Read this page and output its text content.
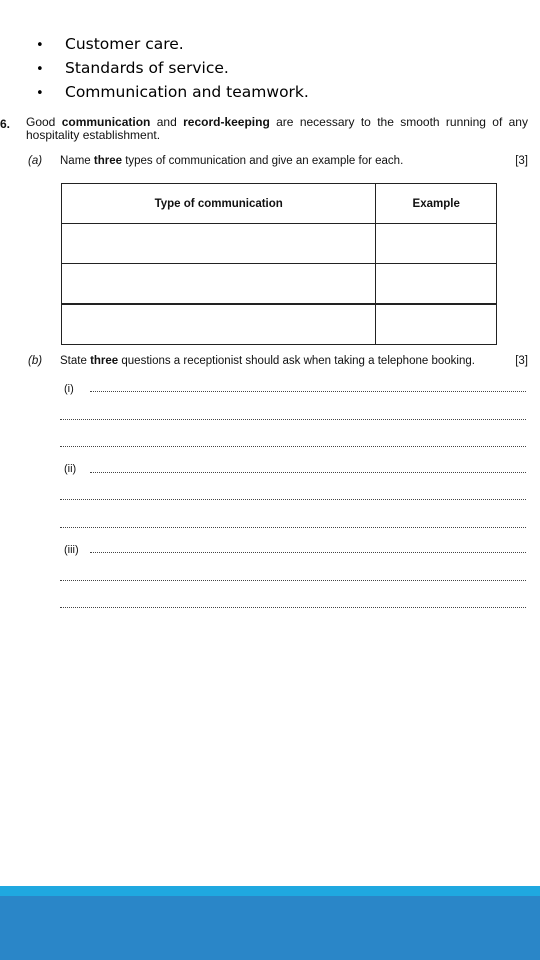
• Customer care.
• Standards of service.
• Communication and teamwork.
6. Good communication and record-keeping are necessary to the smooth running of any hospitality establishment.
(a) Name three types of communication and give an example for each.	[3]
Type of communication	Example

(b) State three questions a receptionist should ask when taking a telephone booking.	[3]
(i)
(ii)
(iii)
